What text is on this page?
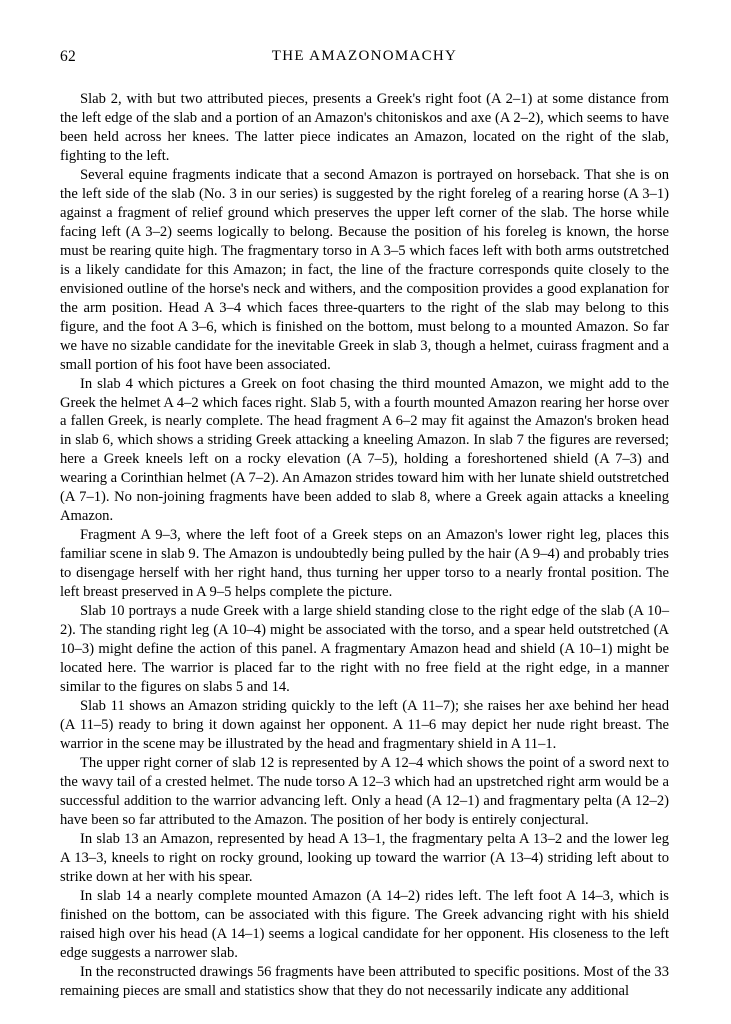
62	THE AMAZONOMACHY

Slab 2, with but two attributed pieces, presents a Greek's right foot (A 2–1) at some distance from the left edge of the slab and a portion of an Amazon's chitoniskos and axe (A 2–2), which seems to have been held across her knees. The latter piece indicates an Amazon, located on the right of the slab, fighting to the left.

Several equine fragments indicate that a second Amazon is portrayed on horseback. That she is on the left side of the slab (No. 3 in our series) is suggested by the right foreleg of a rearing horse (A 3–1) against a fragment of relief ground which preserves the upper left corner of the slab. The horse while facing left (A 3–2) seems logically to belong. Because the position of his foreleg is known, the horse must be rearing quite high. The fragmentary torso in A 3–5 which faces left with both arms outstretched is a likely candidate for this Amazon; in fact, the line of the fracture corresponds quite closely to the envisioned outline of the horse's neck and withers, and the composition provides a good explanation for the arm position. Head A 3–4 which faces three-quarters to the right of the slab may belong to this figure, and the foot A 3–6, which is finished on the bottom, must belong to a mounted Amazon. So far we have no sizable candidate for the inevitable Greek in slab 3, though a helmet, cuirass fragment and a small portion of his foot have been associated.

In slab 4 which pictures a Greek on foot chasing the third mounted Amazon, we might add to the Greek the helmet A 4–2 which faces right. Slab 5, with a fourth mounted Amazon rearing her horse over a fallen Greek, is nearly complete. The head fragment A 6–2 may fit against the Amazon's broken head in slab 6, which shows a striding Greek attacking a kneeling Amazon. In slab 7 the figures are reversed; here a Greek kneels left on a rocky elevation (A 7–5), holding a foreshortened shield (A 7–3) and wearing a Corinthian helmet (A 7–2). An Amazon strides toward him with her lunate shield outstretched (A 7–1). No non-joining fragments have been added to slab 8, where a Greek again attacks a kneeling Amazon.

Fragment A 9–3, where the left foot of a Greek steps on an Amazon's lower right leg, places this familiar scene in slab 9. The Amazon is undoubtedly being pulled by the hair (A 9–4) and probably tries to disengage herself with her right hand, thus turning her upper torso to a nearly frontal position. The left breast preserved in A 9–5 helps complete the picture.

Slab 10 portrays a nude Greek with a large shield standing close to the right edge of the slab (A 10–2). The standing right leg (A 10–4) might be associated with the torso, and a spear held outstretched (A 10–3) might define the action of this panel. A fragmentary Amazon head and shield (A 10–1) might be located here. The warrior is placed far to the right with no free field at the right edge, in a manner similar to the figures on slabs 5 and 14.

Slab 11 shows an Amazon striding quickly to the left (A 11–7); she raises her axe behind her head (A 11–5) ready to bring it down against her opponent. A 11–6 may depict her nude right breast. The warrior in the scene may be illustrated by the head and fragmentary shield in A 11–1.

The upper right corner of slab 12 is represented by A 12–4 which shows the point of a sword next to the wavy tail of a crested helmet. The nude torso A 12–3 which had an upstretched right arm would be a successful addition to the warrior advancing left. Only a head (A 12–1) and fragmentary pelta (A 12–2) have been so far attributed to the Amazon. The position of her body is entirely conjectural.

In slab 13 an Amazon, represented by head A 13–1, the fragmentary pelta A 13–2 and the lower leg A 13–3, kneels to right on rocky ground, looking up toward the warrior (A 13–4) striding left about to strike down at her with his spear.

In slab 14 a nearly complete mounted Amazon (A 14–2) rides left. The left foot A 14–3, which is finished on the bottom, can be associated with this figure. The Greek advancing right with his shield raised high over his head (A 14–1) seems a logical candidate for her opponent. His closeness to the left edge suggests a narrower slab.

In the reconstructed drawings 56 fragments have been attributed to specific positions. Most of the 33 remaining pieces are small and statistics show that they do not necessarily indicate any additional
